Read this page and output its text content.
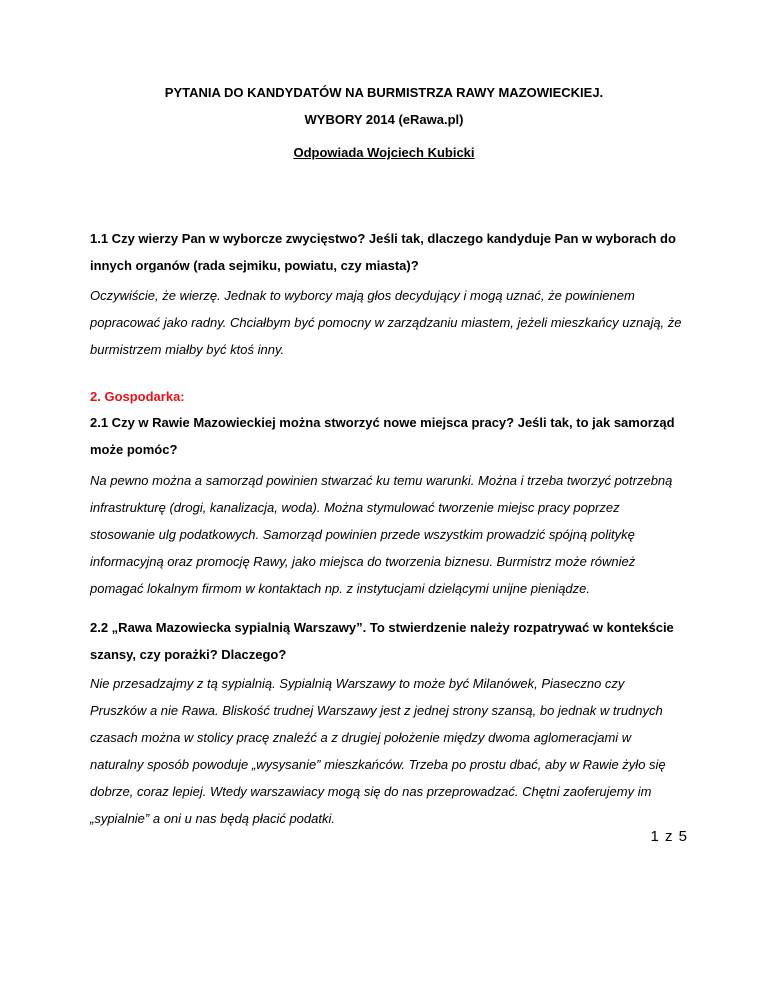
PYTANIA DO KANDYDATÓW NA BURMISTRZA RAWY MAZOWIECKIEJ.
WYBORY 2014 (eRawa.pl)
Odpowiada Wojciech Kubicki
1.1 Czy wierzy Pan w wyborcze zwycięstwo? Jeśli tak, dlaczego kandyduje Pan w wyborach do
innych organów (rada sejmiku, powiatu, czy miasta)?
Oczywiście, że wierzę. Jednak to wyborcy mają głos decydujący i mogą uznać, że powinienem
popracować jako radny. Chciałbym być pomocny w zarządzaniu miastem, jeżeli mieszkańcy uznają, że
burmistrzem miałby być ktoś inny.
2. Gospodarka:
2.1 Czy w Rawie Mazowieckiej można stworzyć nowe miejsca pracy? Jeśli tak, to jak samorząd
może pomóc?
Na pewno można a samorząd powinien stwarzać ku temu warunki. Można i trzeba tworzyć potrzebną
infrastrukturę (drogi, kanalizacja, woda). Można stymulować tworzenie miejsc pracy poprzez
stosowanie ulg podatkowych. Samorząd powinien przede wszystkim prowadzić spójną politykę
informacyjną oraz promocję Rawy, jako miejsca do tworzenia biznesu. Burmistrz może również
pomagać lokalnym firmom w kontaktach np. z instytucjami dzielącymi unijne pieniądze.
2.2 „Rawa Mazowiecka sypialnią Warszawy”. To stwierdzenie należy rozpatrywać w kontekście
szansy, czy porażki? Dlaczego?
Nie przesadzajmy z tą sypialnią. Sypialnią Warszawy to może być Milanówek, Piaseczno czy
Pruszków a nie Rawa. Bliskość trudnej Warszawy jest z jednej strony szansą, bo jednak w trudnych
czasach można w stolicy pracę znaleźć a z drugiej położenie między dwoma aglomeracjami w
naturalny sposób powoduje „wysysanie” mieszkańców. Trzeba po prostu dbać, aby w Rawie żyło się
dobrze, coraz lepiej. Wtedy warszawiacy mogą się do nas przeprowadzać. Chętni zaoferujemy im
„sypialnie” a oni u nas będą płacić podatki.
1 z 5
